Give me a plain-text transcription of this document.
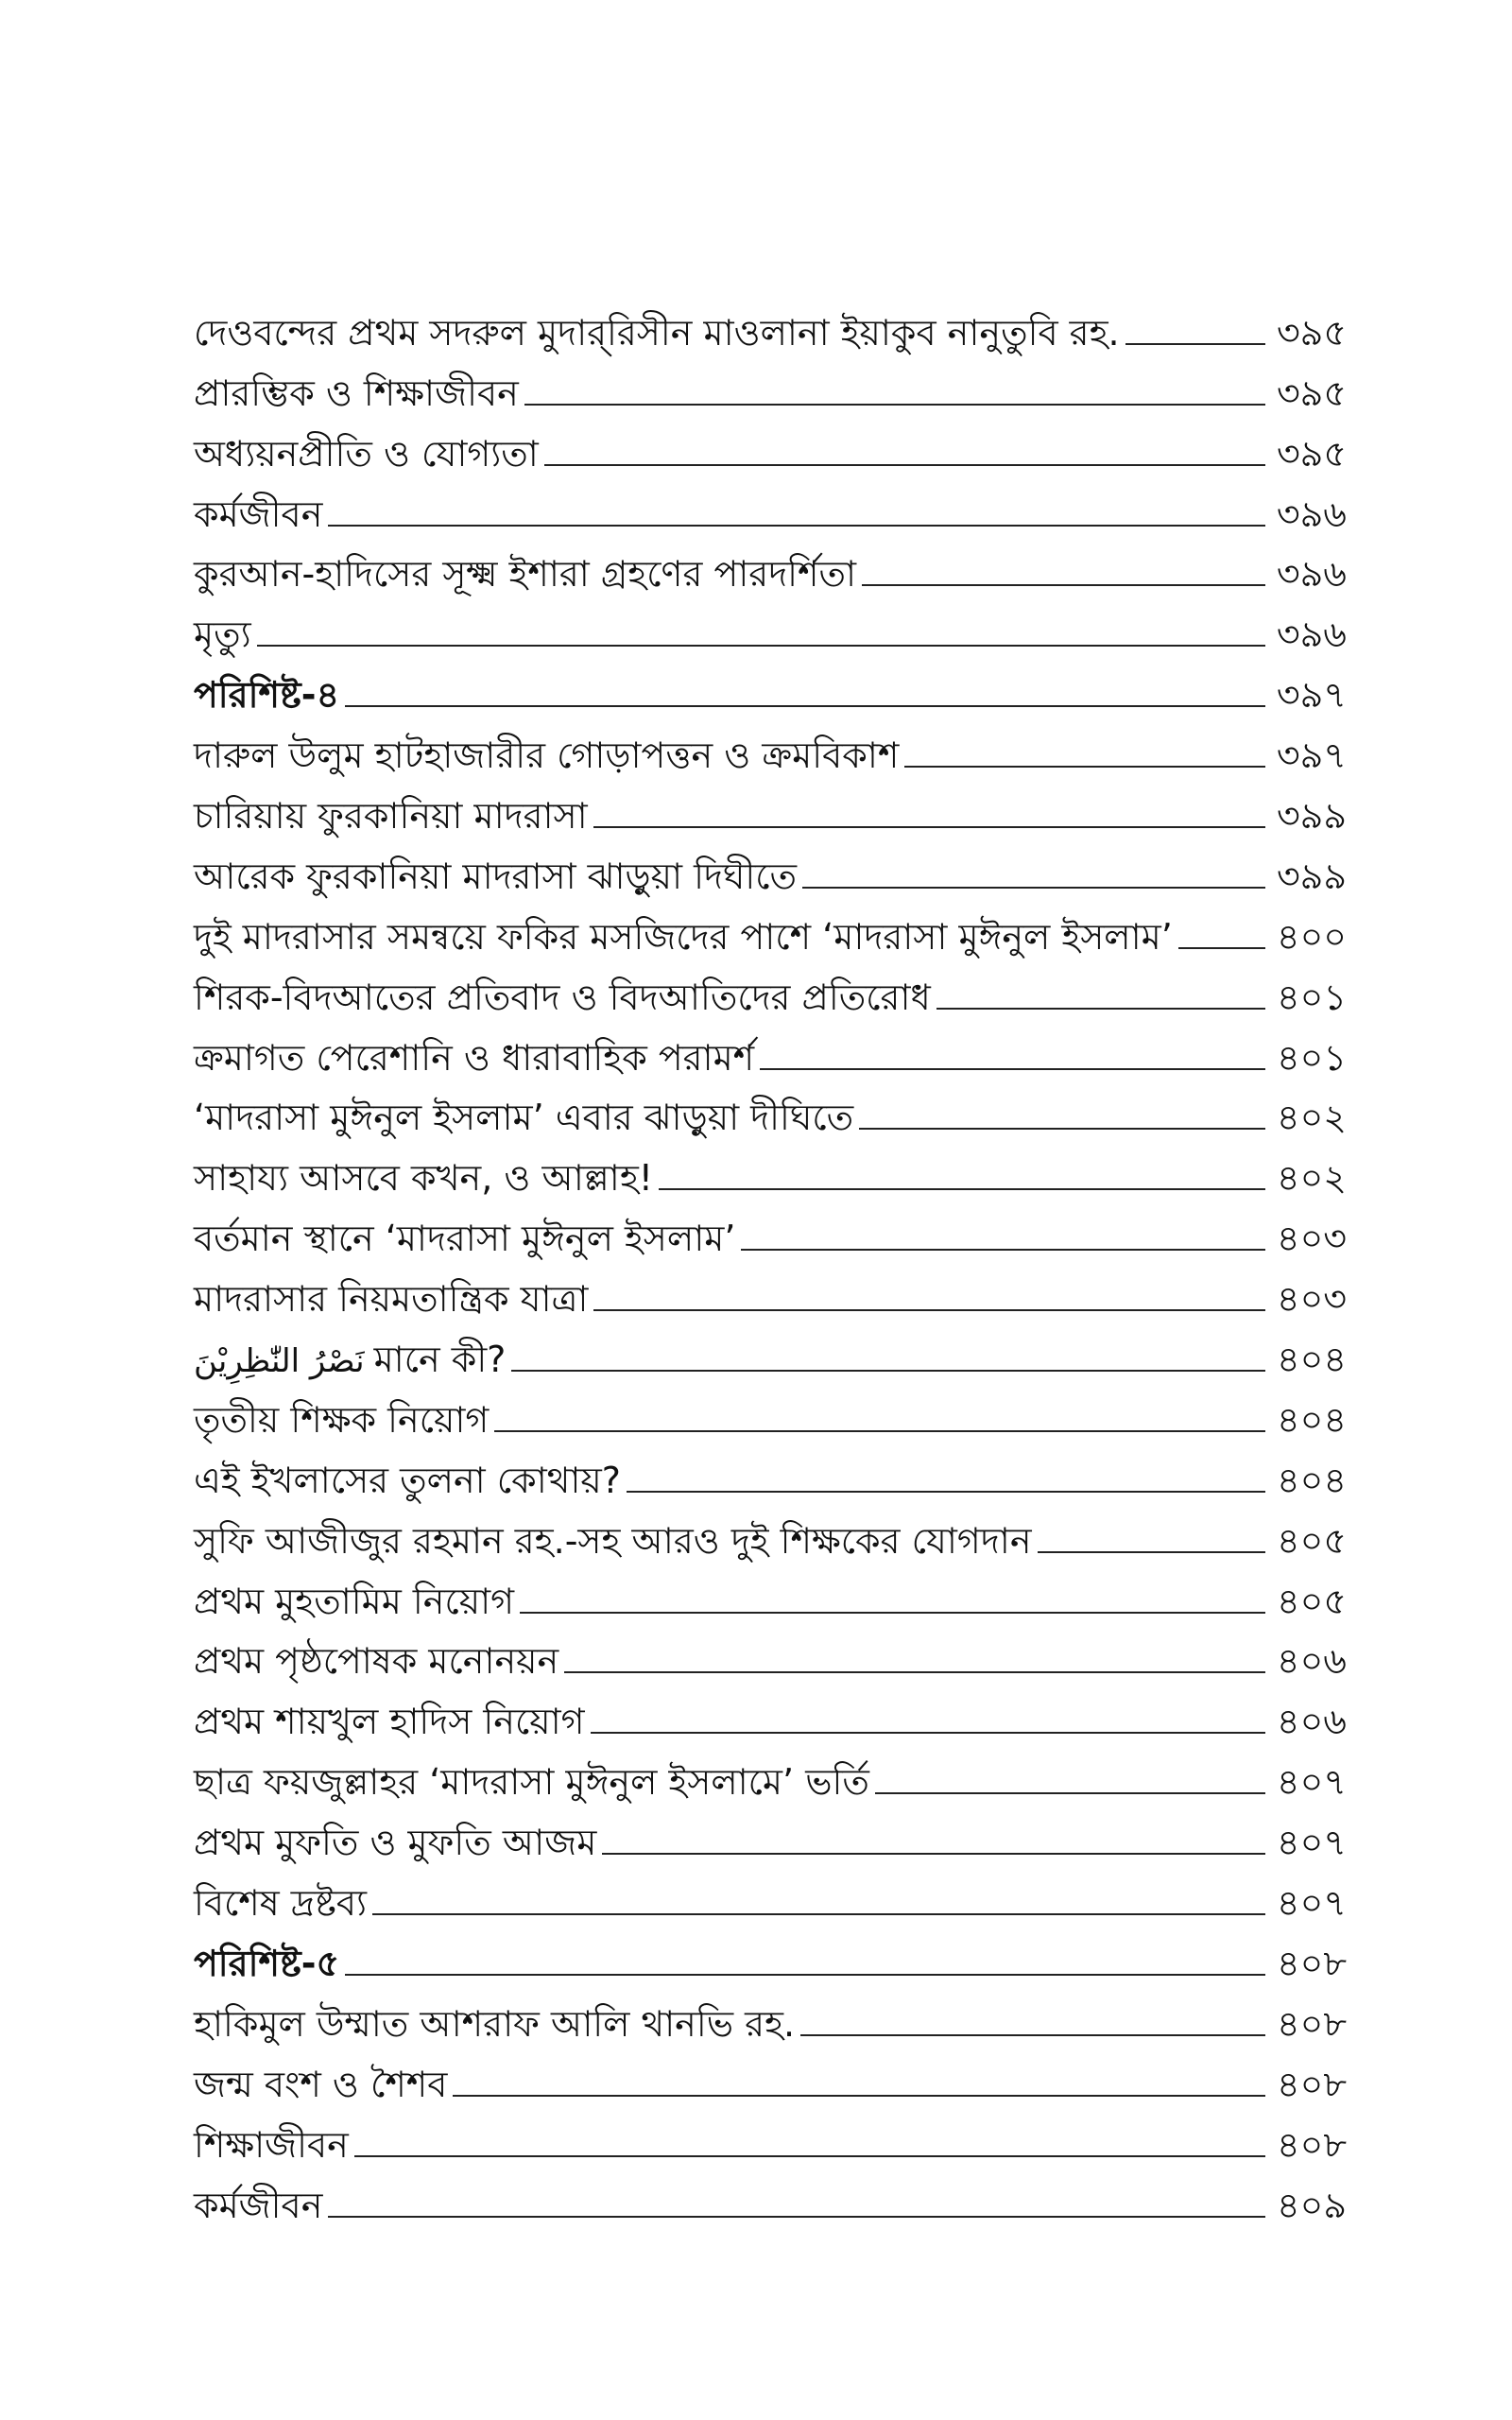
দেওবন্দের প্রথম সদরুল মুদার্‌রিসীন মাওলানা ইয়াকুব নানুতুবি রহ.	৩৯৫
প্রারম্ভিক ও শিক্ষাজীবন	৩৯৫
অধ্যয়নপ্রীতি ও যোগ্যতা	৩৯৫
কর্মজীবন	৩৯৬
কুরআন-হাদিসের সূক্ষ্ম ইশারা গ্রহণের পারদর্শিতা	৩৯৬
মৃত্যু	৩৯৬
পরিশিষ্ট-৪	৩৯৭
দারুল উলুম হাটহাজারীর গোড়াপত্তন ও ক্রমবিকাশ	৩৯৭
চারিয়ায় ফুরকানিয়া মাদরাসা	৩৯৯
আরেক ফুরকানিয়া মাদরাসা ঝাড়ুয়া দিঘীতে	৩৯৯
দুই মাদরাসার সমন্বয়ে ফকির মসজিদের পাশে ‘মাদরাসা মুঈনুল ইসলাম’	৪০০
শিরক-বিদআতের প্রতিবাদ ও বিদআতিদের প্রতিরোধ	৪০১
ক্রমাগত পেরেশানি ও ধারাবাহিক পরামর্শ	৪০১
‘মাদরাসা মুঈনুল ইসলাম’ এবার ঝাড়ুয়া দীঘিতে	৪০২
সাহায্য আসবে কখন, ও আল্লাহ!	৪০২
বর্তমান স্থানে ‘মাদরাসা মুঈনুল ইসলাম’	৪০৩
মাদরাসার নিয়মতান্ত্রিক যাত্রা	৪০৩
نَصْرُ النّٰظِرِيْنَ মানে কী?	৪০৪
তৃতীয় শিক্ষক নিয়োগ	৪০৪
এই ইখলাসের তুলনা কোথায়?	৪০৪
সুফি আজীজুর রহমান রহ.-সহ আরও দুই শিক্ষকের যোগদান	৪০৫
প্রথম মুহতামিম নিয়োগ	৪০৫
প্রথম পৃষ্ঠপোষক মনোনয়ন	৪০৬
প্রথম শায়খুল হাদিস নিয়োগ	৪০৬
ছাত্র ফয়জুল্লাহর ‘মাদরাসা মুঈনুল ইসলামে’ ভর্তি	৪০৭
প্রথম মুফতি ও মুফতি আজম	৪০৭
বিশেষ দ্রষ্টব্য	৪০৭
পরিশিষ্ট-৫	৪০৮
হাকিমুল উম্মাত আশরাফ আলি থানভি রহ.	৪০৮
জন্ম বংশ ও শৈশব	৪০৮
শিক্ষাজীবন	৪০৮
কর্মজীবন	৪০৯
